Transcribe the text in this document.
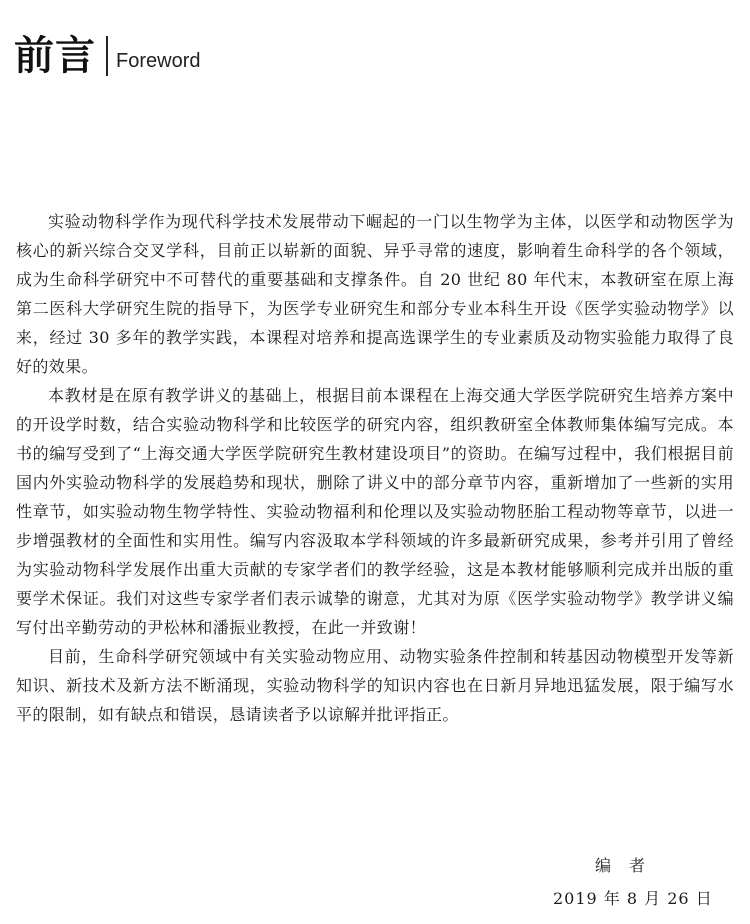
前言 Foreword

实验动物科学作为现代科学技术发展带动下崛起的一门以生物学为主体，以医学和动物医学为核心的新兴综合交叉学科，目前正以崭新的面貌、异乎寻常的速度，影响着生命科学的各个领域，成为生命科学研究中不可替代的重要基础和支撑条件。自 20 世纪 80 年代末，本教研室在原上海第二医科大学研究生院的指导下，为医学专业研究生和部分专业本科生开设《医学实验动物学》以来，经过 30 多年的教学实践，本课程对培养和提高选课学生的专业素质及动物实验能力取得了良好的效果。

本教材是在原有教学讲义的基础上，根据目前本课程在上海交通大学医学院研究生培养方案中的开设学时数，结合实验动物科学和比较医学的研究内容，组织教研室全体教师集体编写完成。本书的编写受到了“上海交通大学医学院研究生教材建设项目”的资助。在编写过程中，我们根据目前国内外实验动物科学的发展趋势和现状，删除了讲义中的部分章节内容，重新增加了一些新的实用性章节，如实验动物生物学特性、实验动物福利和伦理以及实验动物胚胎工程动物等章节，以进一步增强教材的全面性和实用性。编写内容汲取本学科领域的许多最新研究成果，参考并引用了曾经为实验动物科学发展作出重大贡献的专家学者们的教学经验，这是本教材能够顺利完成并出版的重要学术保证。我们对这些专家学者们表示诚挚的谢意，尤其对为原《医学实验动物学》教学讲义编写付出辛勤劳动的尹松林和潘振业教授，在此一并致谢！

目前，生命科学研究领域中有关实验动物应用、动物实验条件控制和转基因动物模型开发等新知识、新技术及新方法不断涌现，实验动物科学的知识内容也在日新月异地迅猛发展，限于编写水平的限制，如有缺点和错误，恳请读者予以谅解并批评指正。

编者
2019 年 8 月 26 日
